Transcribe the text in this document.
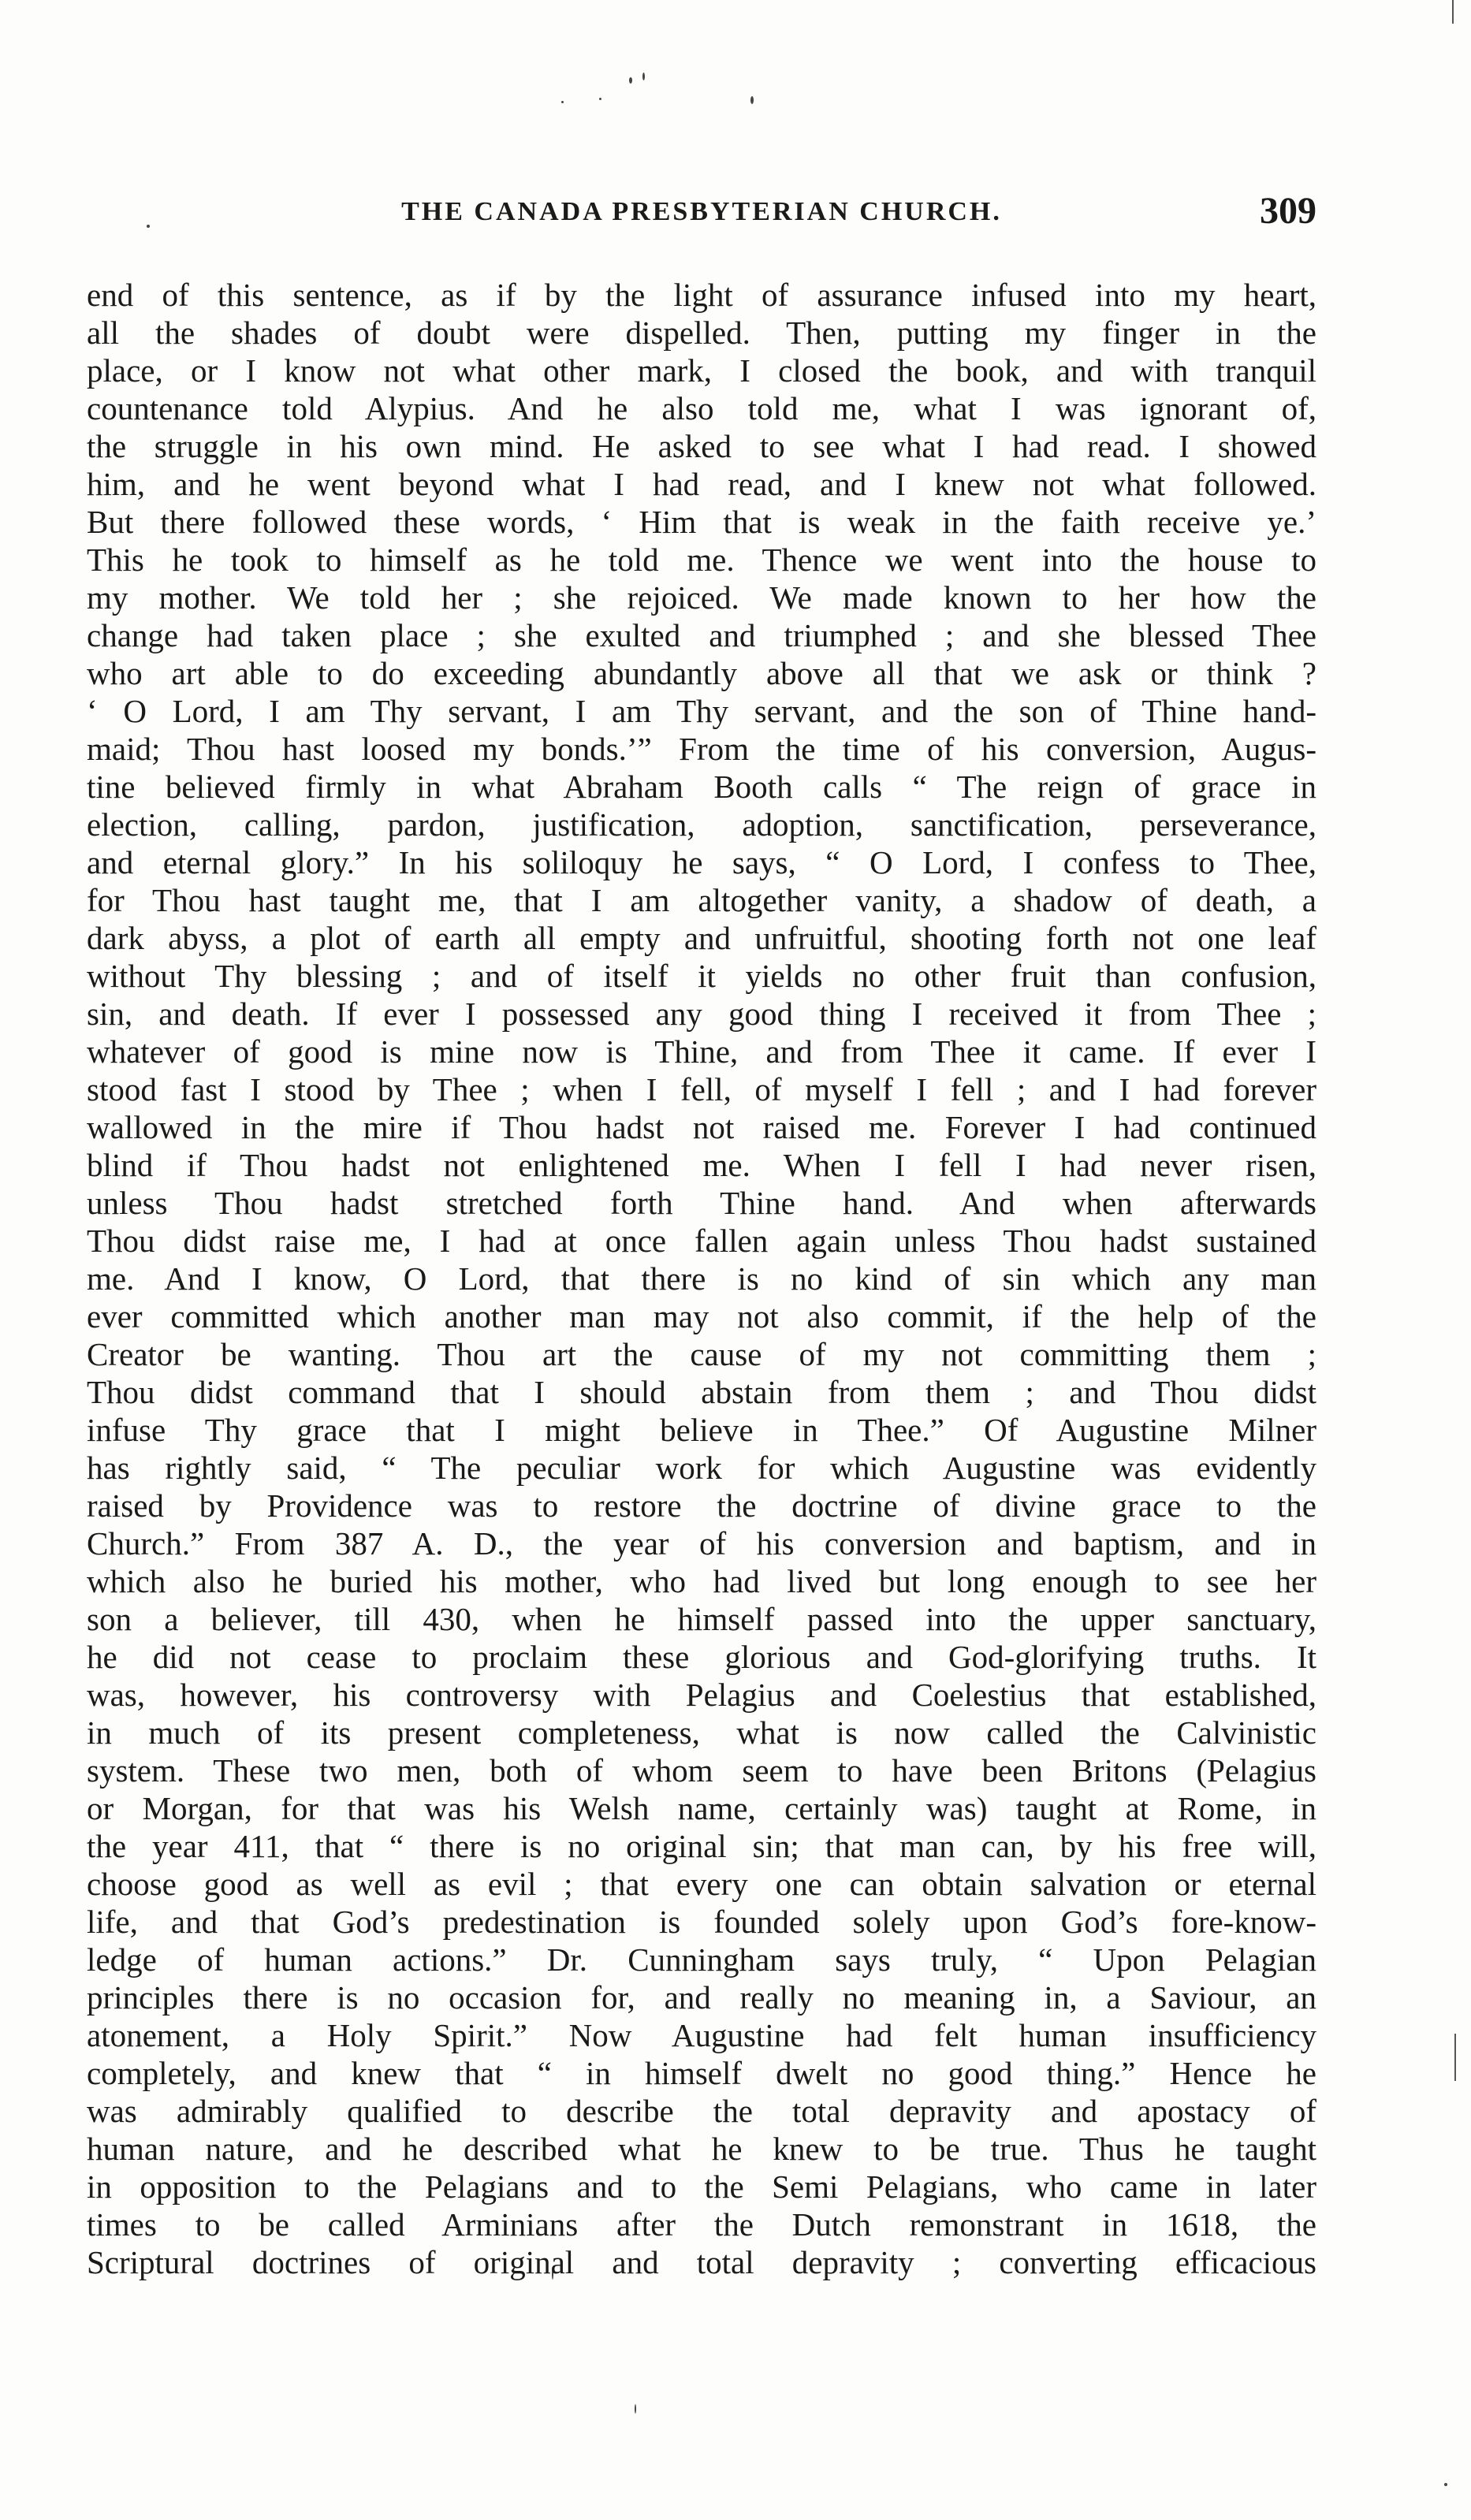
THE CANADA PRESBYTERIAN CHURCH.	309
end of this sentence, as if by the light of assurance infused into my heart,
all the shades of doubt were dispelled. Then, putting my finger in the
place, or I know not what other mark, I closed the book, and with tranquil
countenance told Alypius. And he also told me, what I was ignorant of,
the struggle in his own mind. He asked to see what I had read. I showed
him, and he went beyond what I had read, and I knew not what followed.
But there followed these words, ‘ Him that is weak in the faith receive ye.’
This he took to himself as he told me. Thence we went into the house to
my mother. We told her ; she rejoiced. We made known to her how the
change had taken place ; she exulted and triumphed ; and she blessed Thee
who art able to do exceeding abundantly above all that we ask or think ?
‘ O Lord, I am Thy servant, I am Thy servant, and the son of Thine hand-
maid; Thou hast loosed my bonds.’” From the time of his conversion, Augus-
tine believed firmly in what Abraham Booth calls “ The reign of grace in
election, calling, pardon, justification, adoption, sanctification, perseverance,
and eternal glory.” In his soliloquy he says, “ O Lord, I confess to Thee,
for Thou hast taught me, that I am altogether vanity, a shadow of death, a
dark abyss, a plot of earth all empty and unfruitful, shooting forth not one leaf
without Thy blessing ; and of itself it yields no other fruit than confusion,
sin, and death. If ever I possessed any good thing I received it from Thee ;
whatever of good is mine now is Thine, and from Thee it came. If ever I
stood fast I stood by Thee ; when I fell, of myself I fell ; and I had forever
wallowed in the mire if Thou hadst not raised me. Forever I had continued
blind if Thou hadst not enlightened me. When I fell I had never risen,
unless Thou hadst stretched forth Thine hand. And when afterwards
Thou didst raise me, I had at once fallen again unless Thou hadst sustained
me. And I know, O Lord, that there is no kind of sin which any man
ever committed which another man may not also commit, if the help of the
Creator be wanting. Thou art the cause of my not committing them ;
Thou didst command that I should abstain from them ; and Thou didst
infuse Thy grace that I might believe in Thee.” Of Augustine Milner
has rightly said, “ The peculiar work for which Augustine was evidently
raised by Providence was to restore the doctrine of divine grace to the
Church.” From 387 A. D., the year of his conversion and baptism, and in
which also he buried his mother, who had lived but long enough to see her
son a believer, till 430, when he himself passed into the upper sanctuary,
he did not cease to proclaim these glorious and God-glorifying truths. It
was, however, his controversy with Pelagius and Coelestius that established,
in much of its present completeness, what is now called the Calvinistic
system. These two men, both of whom seem to have been Britons (Pelagius
or Morgan, for that was his Welsh name, certainly was) taught at Rome, in
the year 411, that “ there is no original sin; that man can, by his free will,
choose good as well as evil ; that every one can obtain salvation or eternal
life, and that God’s predestination is founded solely upon God’s fore-know-
ledge of human actions.” Dr. Cunningham says truly, “ Upon Pelagian
principles there is no occasion for, and really no meaning in, a Saviour, an
atonement, a Holy Spirit.” Now Augustine had felt human insufficiency
completely, and knew that “ in himself dwelt no good thing.” Hence he
was admirably qualified to describe the total depravity and apostacy of
human nature, and he described what he knew to be true. Thus he taught
in opposition to the Pelagians and to the Semi Pelagians, who came in later
times to be called Arminians after the Dutch remonstrant in 1618, the
Scriptural doctrines of original and total depravity ; converting efficacious
